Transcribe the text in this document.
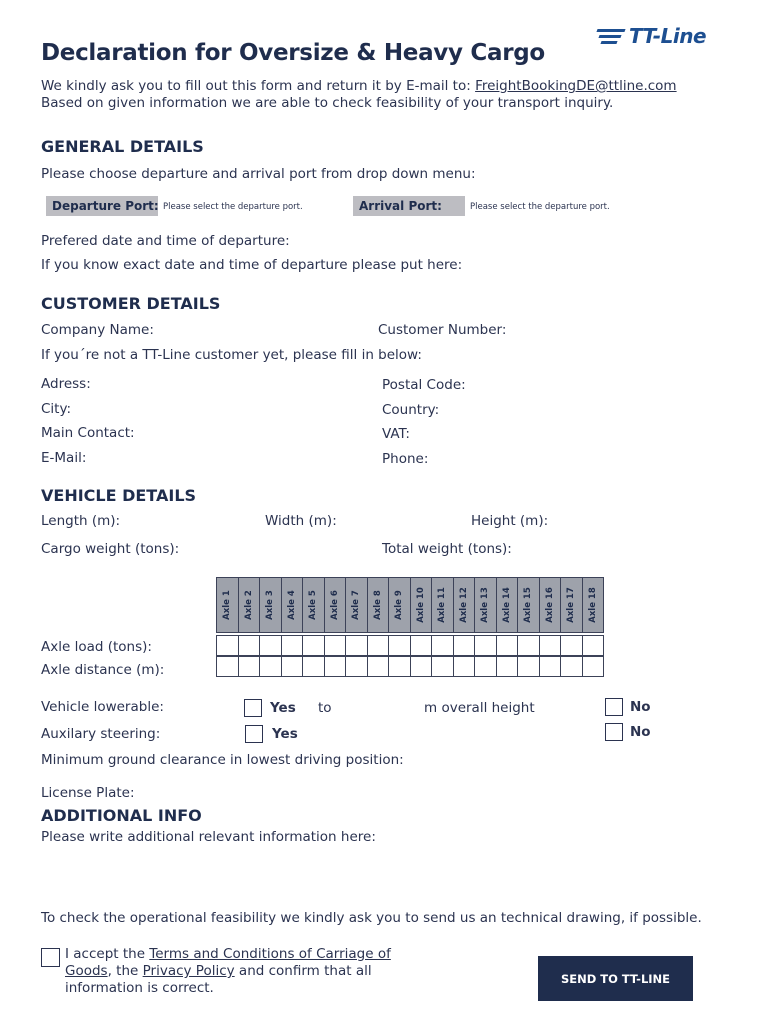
Declaration for Oversize & Heavy Cargo
TT-Line
We kindly ask you to fill out this form and return it by E-mail to: FreightBookingDE@ttline.com
Based on given information we are able to check feasibility of your transport inquiry.
GENERAL DETAILS
Please choose departure and arrival port from drop down menu:
Departure Port: Please select the departure port.	Arrival Port:	Please select the departure port.
Prefered date and time of departure:
If you know exact date and time of departure please put here:
CUSTOMER DETAILS
Company Name:	Customer Number:
If you´re not a TT-Line customer yet, please fill in below:
Adress:	Postal Code:
City:	Country:
Main Contact:	VAT:
E-Mail:	Phone:
VEHICLE DETAILS
Length (m):	Width (m):	Height (m):
Cargo weight (tons):	Total weight (tons):
Axle 1 Axle 2 Axle 3 Axle 4 Axle 5 Axle 6 Axle 7 Axle 8 Axle 9 Axle 10 Axle 11 Axle 12 Axle 13 Axle 14 Axle 15 Axle 16 Axle 17 Axle 18
Axle load (tons):
Axle distance (m):
Vehicle lowerable:	Yes to	m overall height	No
Auxilary steering:	Yes	No
Minimum ground clearance in lowest driving position:
License Plate:
ADDITIONAL INFO
Please write additional relevant information here:
To check the operational feasibility we kindly ask you to send us an technical drawing, if possible.
I accept the Terms and Conditions of Carriage of Goods, the Privacy Policy and confirm that all information is correct.
SEND TO TT-LINE
